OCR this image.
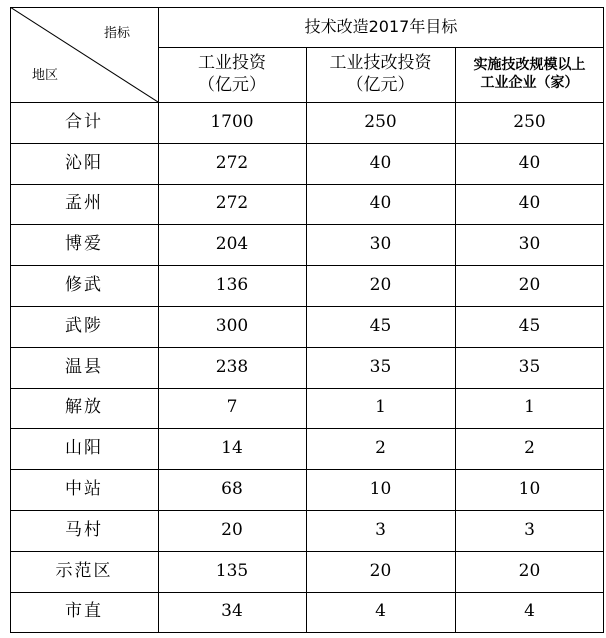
指标
地区
技术改造2017年目标
工业投资
（亿元）
工业技改投资
（亿元）
实施技改规模以上
工业企业（家）
合计	1700	250	250
沁阳	272	40	40
孟州	272	40	40
博爱	204	30	30
修武	136	20	20
武陟	300	45	45
温县	238	35	35
解放	7	1	1
山阳	14	2	2
中站	68	10	10
马村	20	3	3
示范区	135	20	20
市直	34	4	4
